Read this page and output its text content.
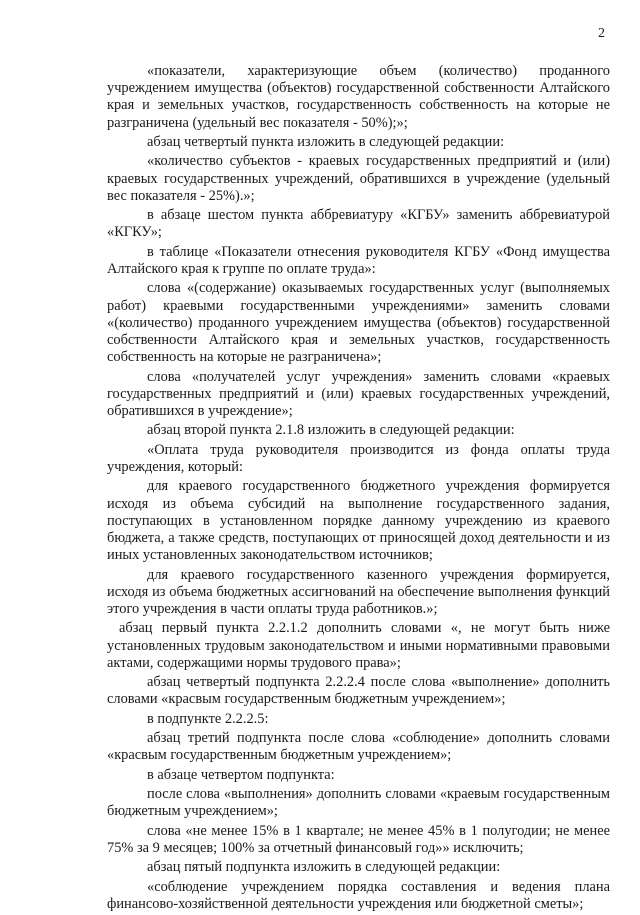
2

«показатели, характеризующие объем (количество) проданного учреждением имущества (объектов) государственной собственности Алтайского края и земельных участков, государственность собственность на которые не разграничена (удельный вес показателя - 50%);»;

абзац четвертый пункта изложить в следующей редакции:

«количество субъектов - краевых государственных предприятий и (или) краевых государственных учреждений, обратившихся в учреждение (удельный вес показателя - 25%).»;

в абзаце шестом пункта аббревиатуру «КГБУ» заменить аббревиатурой «КГКУ»;

в таблице «Показатели отнесения руководителя КГБУ «Фонд имущества Алтайского края к группе по оплате труда»:

слова «(содержание) оказываемых государственных услуг (выполняемых работ) краевыми государственными учреждениями» заменить словами «(количество) проданного учреждением имущества (объектов) государственной собственности Алтайского края и земельных участков, государственность собственность на которые не разграничена»;

слова «получателей услуг учреждения» заменить словами «краевых государственных предприятий и (или) краевых государственных учреждений, обратившихся в учреждение»;

абзац второй пункта 2.1.8 изложить в следующей редакции:

«Оплата труда руководителя производится из фонда оплаты труда учреждения, который:

для краевого государственного бюджетного учреждения формируется исходя из объема субсидий на выполнение государственного задания, поступающих в установленном порядке данному учреждению из краевого бюджета, а также средств, поступающих от приносящей доход деятельности и из иных установленных законодательством источников;

для краевого государственного казенного учреждения формируется, исходя из объема бюджетных ассигнований на обеспечение выполнения функций этого учреждения в части оплаты труда работников.»;

абзац первый пункта 2.2.1.2 дополнить словами «, не могут быть ниже установленных трудовым законодательством и иными нормативными правовыми актами, содержащими нормы трудового права»;

абзац четвертый подпункта 2.2.2.4 после слова «выполнение» дополнить словами «красвым государственным бюджетным учреждением»;

в подпункте 2.2.2.5:

абзац третий подпункта после слова «соблюдение» дополнить словами «красвым государственным бюджетным учреждением»;

в абзаце четвертом подпункта:

после слова «выполнения» дополнить словами «краевым государственным бюджетным учреждением»;

слова «не менее 15% в 1 квартале; не менее 45% в 1 полугодии; не менее 75% за 9 месяцев; 100% за отчетный финансовый год»» исключить;

абзац пятый подпункта изложить в следующей редакции:

«соблюдение учреждением порядка составления и ведения плана финансово-хозяйственной деятельности учреждения или бюджетной сметы»;
